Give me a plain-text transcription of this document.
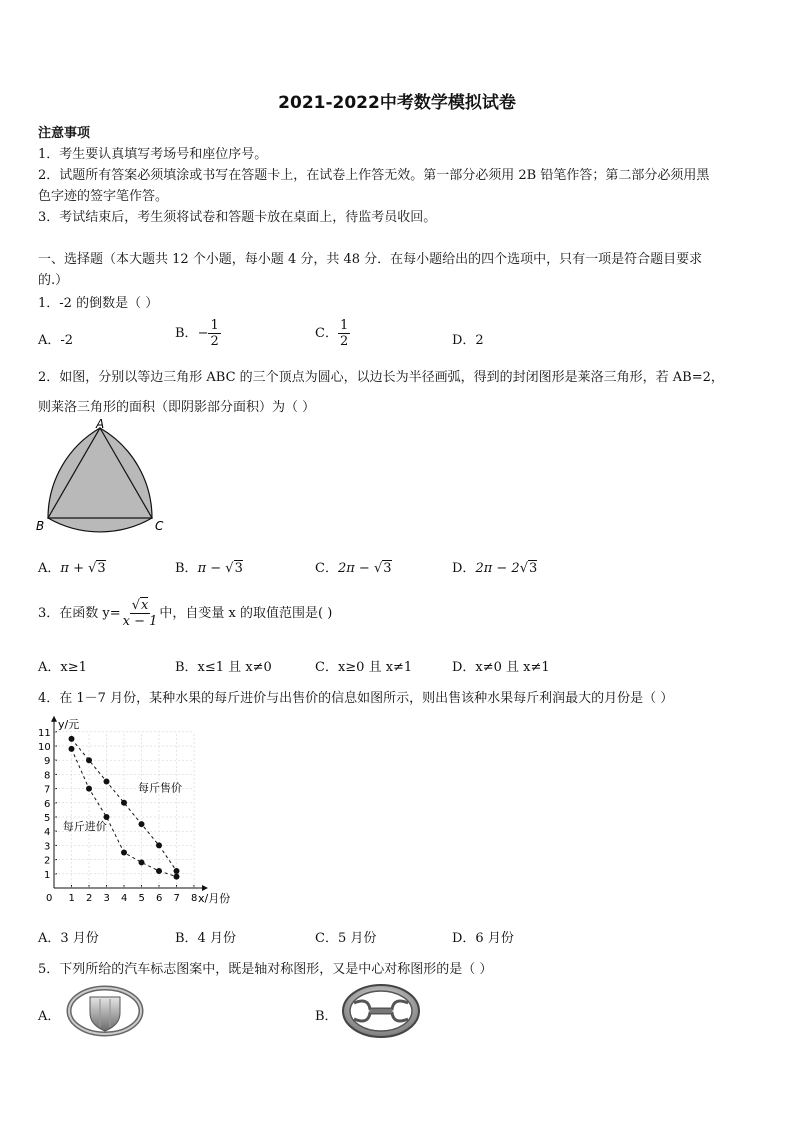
2021-2022中考数学模拟试卷
注意事项
1．考生要认真填写考场号和座位序号。
2．试题所有答案必须填涂或书写在答题卡上，在试卷上作答无效。第一部分必须用 2B 铅笔作答；第二部分必须用黑
色字迹的签字笔作答。
3．考试结束后，考生须将试卷和答题卡放在桌面上，待监考员收回。
一、选择题（本大题共 12 个小题，每小题 4 分，共 48 分．在每小题给出的四个选项中，只有一项是符合题目要求
的.）
1．-2 的倒数是（ ）
A．-2	B．− $\frac{1}{2}$	C． $\frac{1}{2}$	D．2
2．如图，分别以等边三角形 ABC 的三个顶点为圆心，以边长为半径画弧，得到的封闭图形是莱洛三角形，若 AB=2，
则莱洛三角形的面积（即阴影部分面积）为（ ）
A
B	C
A．π + √3	B．π − √3	C．2π − √3	D．2π − 2√3
3．在函数 $y= \frac{√x}{x - 1}$ 中，自变量 x 的取值范围是( )
A．x≥1	B．x≤1 且 x≠0	C．x≥0 且 x≠1	D．x≠0 且 x≠1
4．在 1－7 月份，某种水果的每斤进价与出售价的信息如图所示，则出售该种水果每斤利润最大的月份是（ ）
0 1 2 3 4 5 6 7 8
1
2
3
4
5
6
7
8
9
10
11
x/月份
y/元
每斤售价
每斤进价
A．3 月份	B．4 月份	C．5 月份	D．6 月份
5．下列所给的汽车标志图案中，既是轴对称图形，又是中心对称图形的是（ ）
A．	B．
